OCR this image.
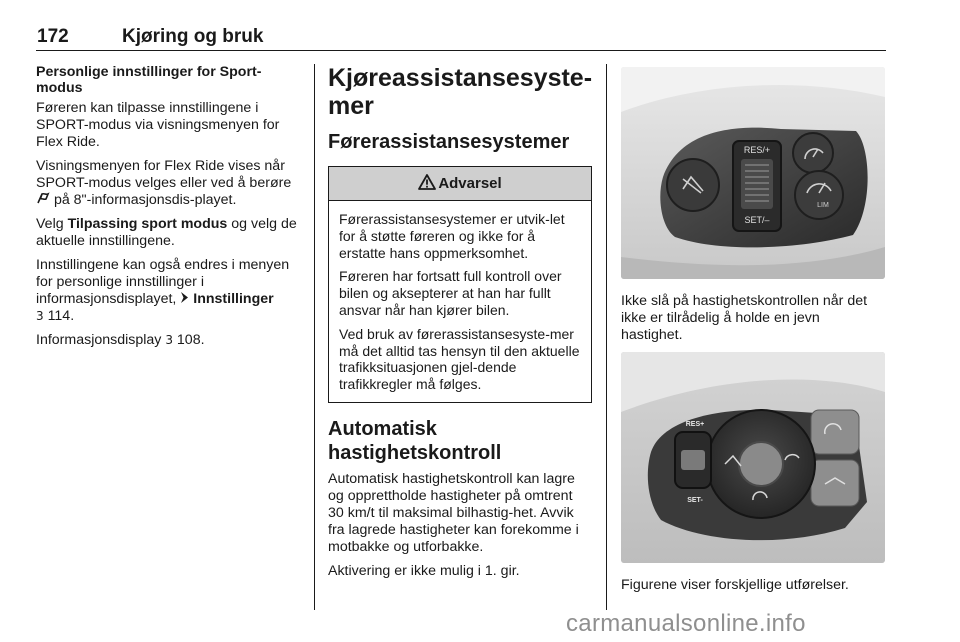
172	Kjøring og bruk

Personlige innstillinger for Sport-modus

Føreren kan tilpasse innstillingene i SPORT-modus via visningsmenyen for Flex Ride.

Visningsmenyen for Flex Ride vises når SPORT-modus velges eller ved å berøre  på 8"-informasjonsdis-playet.

Velg Tilpassing sport modus og velg de aktuelle innstillingene.

Innstillingene kan også endres i menyen for personlige innstillinger i informasjonsdisplayet,  Innstillinger
3 114.

Informasjonsdisplay 3 108.

Kjøreassistansesyste-mer
Førerassistansesystemer
Advarsel

Førerassistansesystemer er utvik-let for å støtte føreren og ikke for å erstatte hans oppmerksomhet.

Føreren har fortsatt full kontroll over bilen og aksepterer at han har fullt ansvar når han kjører bilen.

Ved bruk av førerassistansesyste-mer må det alltid tas hensyn til den aktuelle trafikksituasjonen gjel-dende trafikkregler må følges.

Automatisk
hastighetskontroll

Automatisk hastighetskontroll kan lagre og opprettholde hastigheter på omtrent 30 km/t til maksimal bilhastig-het. Avvik fra lagrede hastigheter kan forekomme i motbakke og utforbakke.

Aktivering er ikke mulig i 1. gir.

RES/+
SET/–
LIM

Ikke slå på hastighetskontrollen når det ikke er tilrådelig å holde en jevn hastighet.

RES+
SET-

Figurene viser forskjellige utførelser.

carmanualsonline.info
